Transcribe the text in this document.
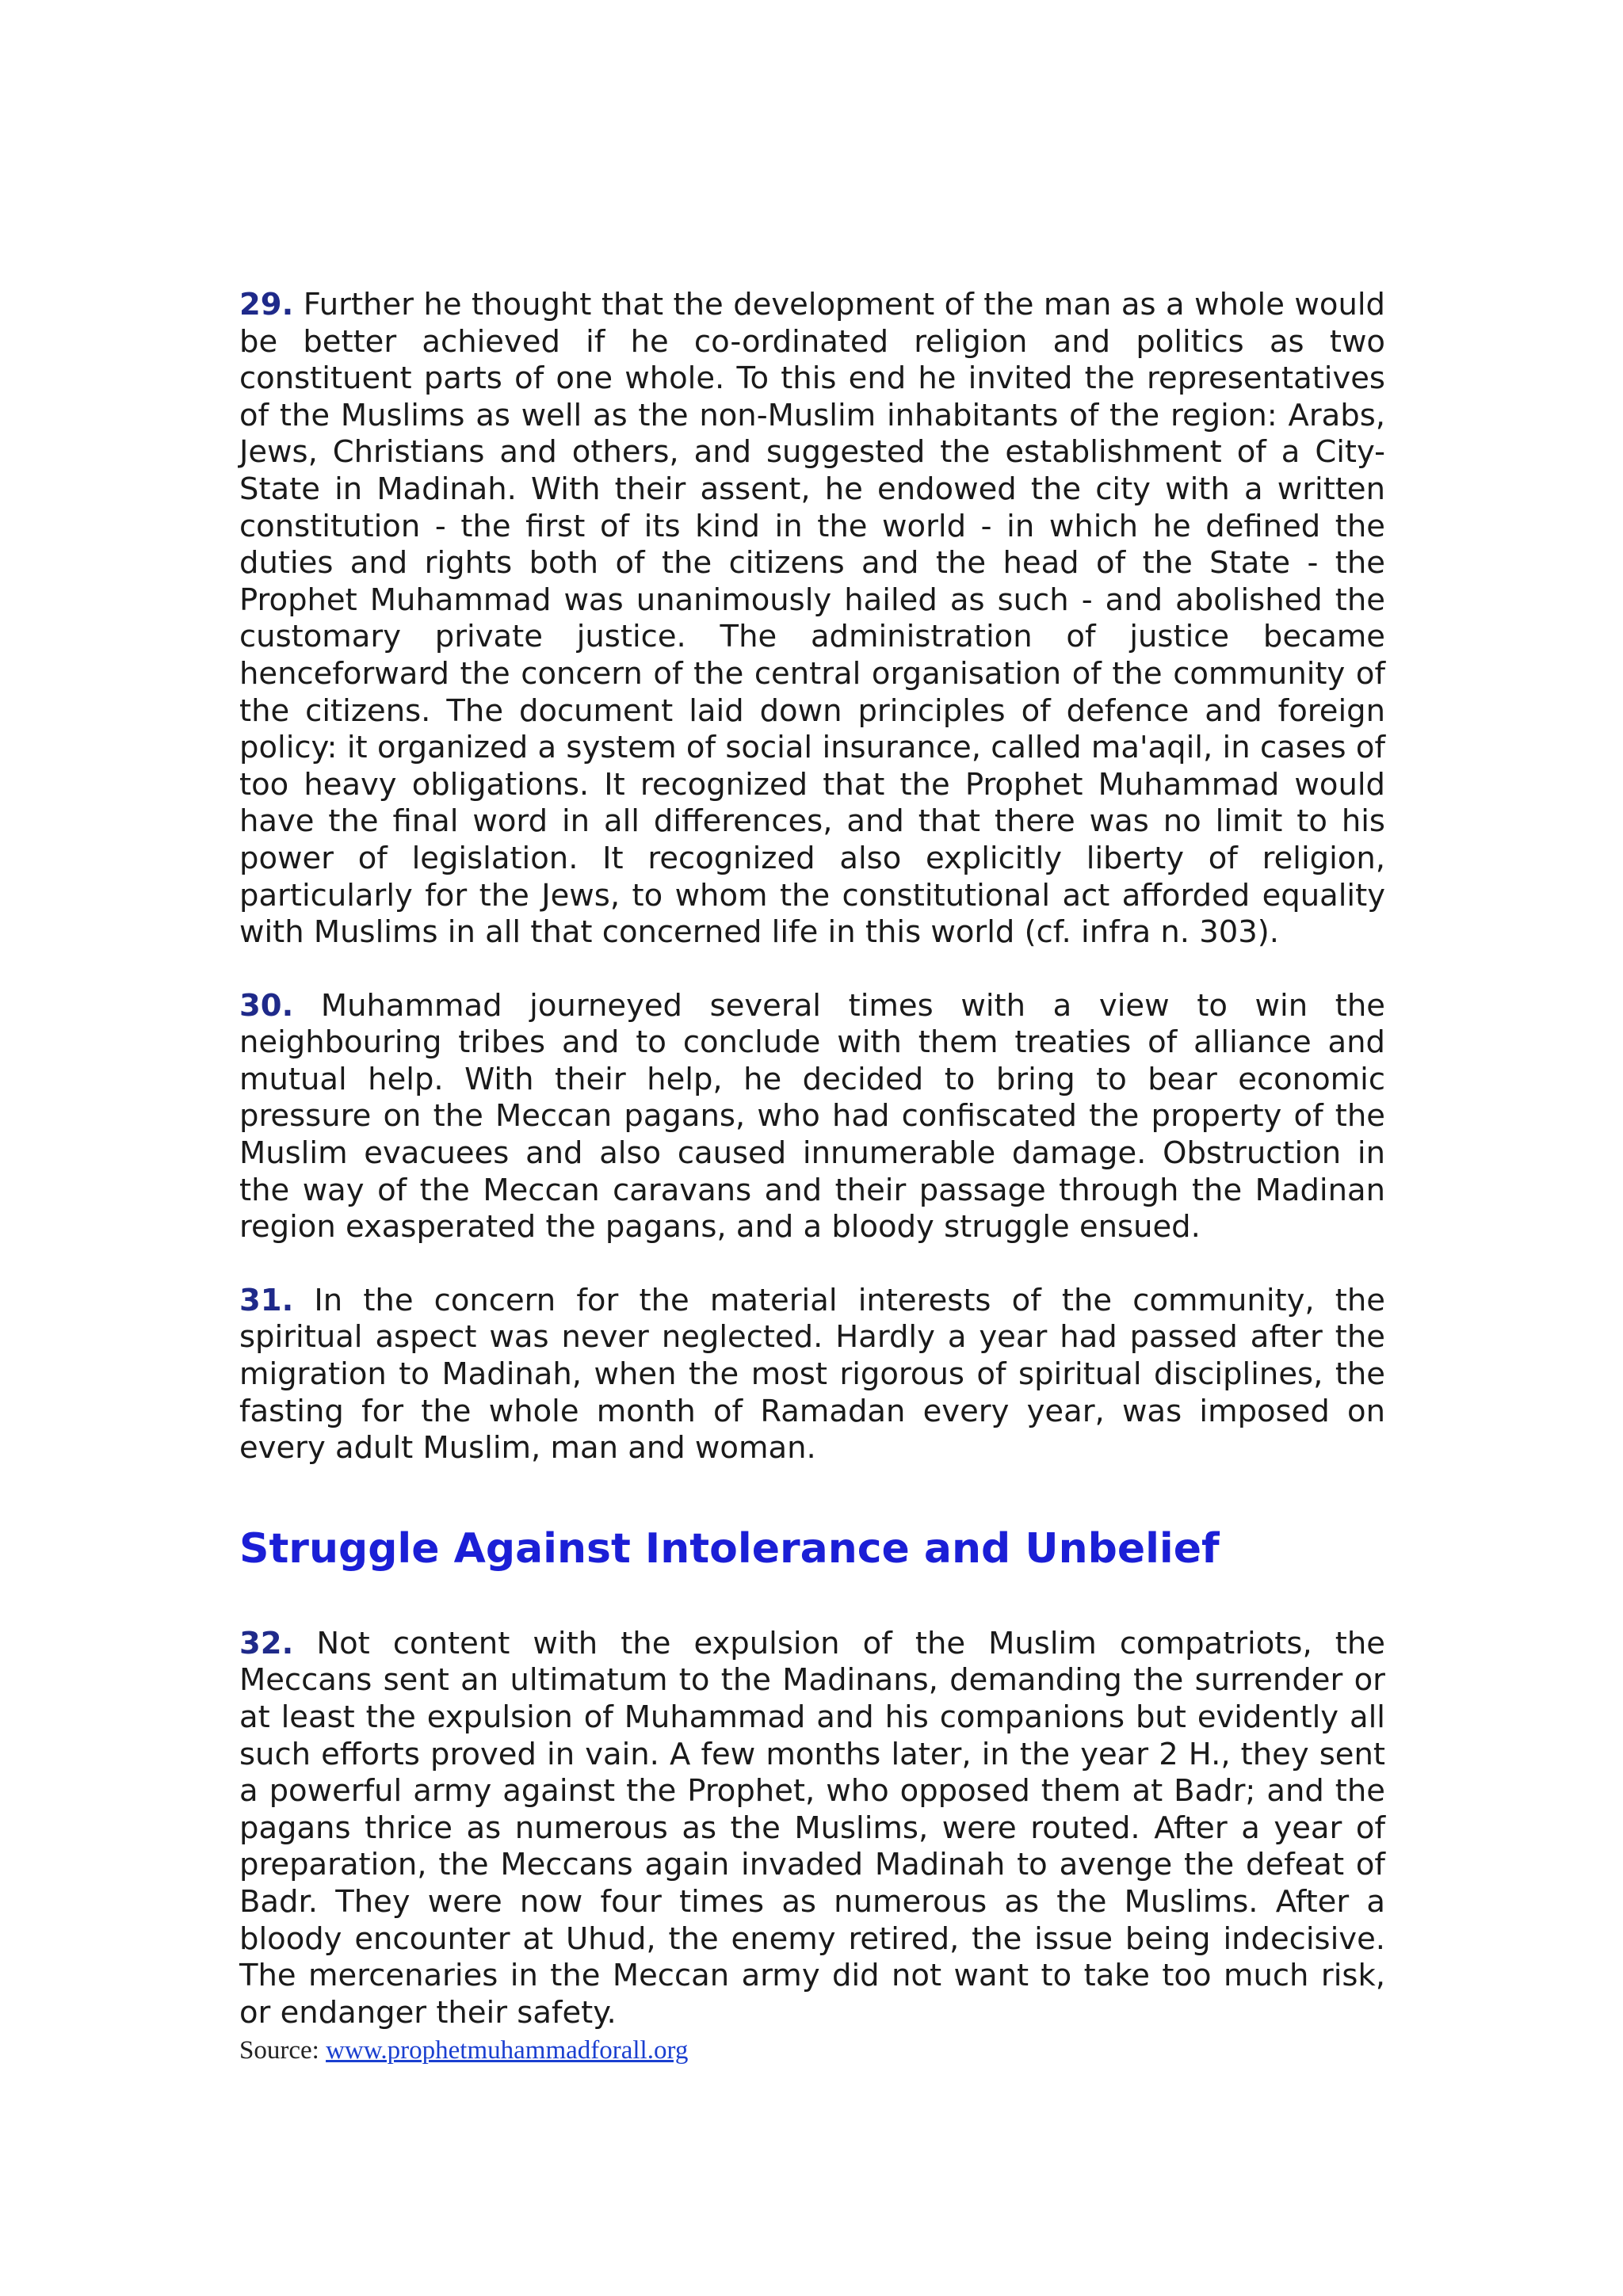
29. Further he thought that the development of the man as a whole would be better achieved if he co-ordinated religion and politics as two constituent parts of one whole. To this end he invited the representatives of the Muslims as well as the non-Muslim inhabitants of the region: Arabs, Jews, Christians and others, and suggested the establishment of a City-State in Madinah. With their assent, he endowed the city with a written constitution - the first of its kind in the world - in which he defined the duties and rights both of the citizens and the head of the State - the Prophet Muhammad was unanimously hailed as such - and abolished the customary private justice. The administration of justice became henceforward the concern of the central organisation of the community of the citizens. The document laid down principles of defence and foreign policy: it organized a system of social insurance, called ma'aqil, in cases of too heavy obligations. It recognized that the Prophet Muhammad would have the final word in all differences, and that there was no limit to his power of legislation. It recognized also explicitly liberty of religion, particularly for the Jews, to whom the constitutional act afforded equality with Muslims in all that concerned life in this world (cf. infra n. 303).

30. Muhammad journeyed several times with a view to win the neighbouring tribes and to conclude with them treaties of alliance and mutual help. With their help, he decided to bring to bear economic pressure on the Meccan pagans, who had confiscated the property of the Muslim evacuees and also caused innumerable damage. Obstruction in the way of the Meccan caravans and their passage through the Madinan region exasperated the pagans, and a bloody struggle ensued.

31. In the concern for the material interests of the community, the spiritual aspect was never neglected. Hardly a year had passed after the migration to Madinah, when the most rigorous of spiritual disciplines, the fasting for the whole month of Ramadan every year, was imposed on every adult Muslim, man and woman.

Struggle Against Intolerance and Unbelief

32. Not content with the expulsion of the Muslim compatriots, the Meccans sent an ultimatum to the Madinans, demanding the surrender or at least the expulsion of Muhammad and his companions but evidently all such efforts proved in vain. A few months later, in the year 2 H., they sent a powerful army against the Prophet, who opposed them at Badr; and the pagans thrice as numerous as the Muslims, were routed. After a year of preparation, the Meccans again invaded Madinah to avenge the defeat of Badr. They were now four times as numerous as the Muslims. After a bloody encounter at Uhud, the enemy retired, the issue being indecisive. The mercenaries in the Meccan army did not want to take too much risk, or endanger their safety.

Source: www.prophetmuhammadforall.org
